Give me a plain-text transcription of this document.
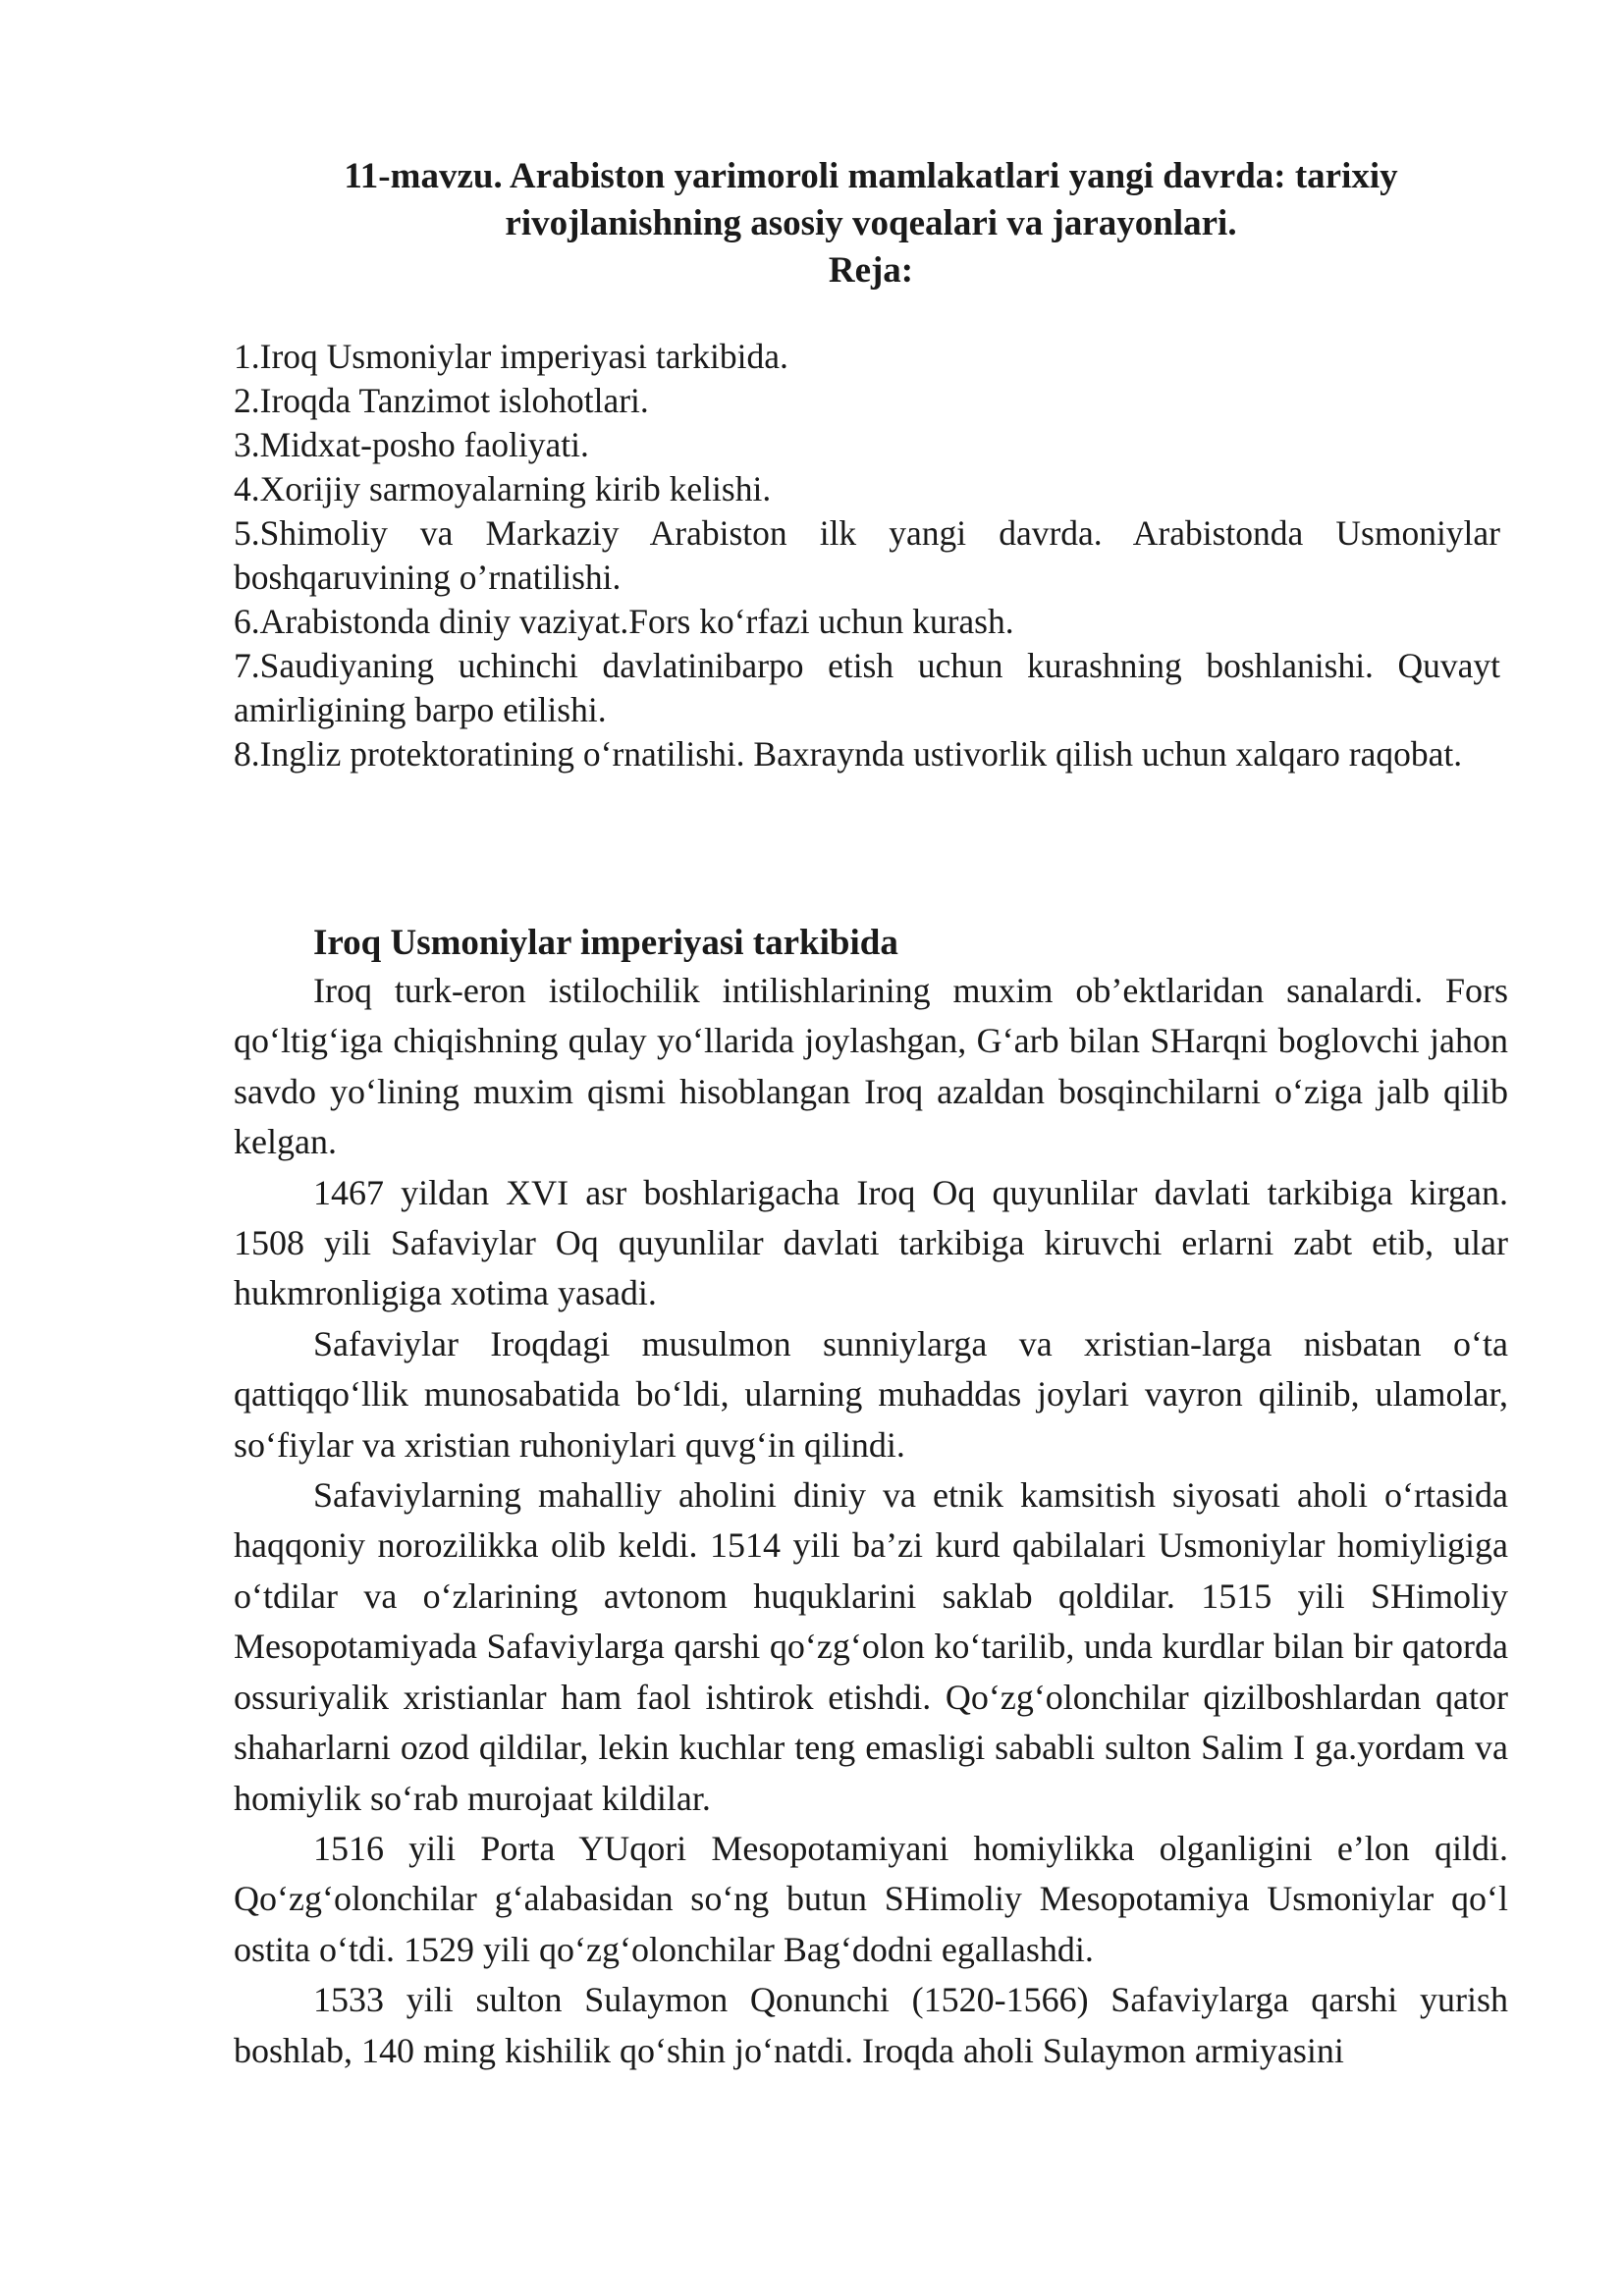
11-mavzu. Arabiston yarimoroli mamlakatlari yangi davrda: tarixiy
rivojlanishning asosiy voqealari va jarayonlari.
Reja:
1.Iroq Usmoniylar imperiyasi tarkibida.
2.Iroqda Tanzimot islohotlari.
3.Midxat-posho faoliyati.
4.Xorijiy sarmoyalarning kirib kelishi.
5.Shimoliy va Markaziy Arabiston ilk yangi davrda. Arabistonda Usmoniylar boshqaruvining o’rnatilishi.
6.Arabistonda diniy vaziyat.Fors ko‘rfazi uchun kurash.
7.Saudiyaning uchinchi davlatinibarpo etish uchun kurashning boshlanishi. Quvayt amirligining barpo etilishi.
8.Ingliz protektoratining o‘rnatilishi. Baxraynda ustivorlik qilish uchun xalqaro raqobat.
Iroq Usmoniylar imperiyasi tarkibida

Iroq turk-eron istilochilik intilishlarining muxim ob’ektlaridan sanalardi. Fors qo‘ltig‘iga chiqishning qulay yo‘llarida joylashgan, G‘arb bilan SHarqni boglovchi jahon savdo yo‘lining muxim qismi hisoblangan Iroq azaldan bosqinchilarni o‘ziga jalb qilib kelgan.

1467 yildan XVI asr boshlarigacha Iroq Oq quyunlilar davlati tarkibiga kirgan. 1508 yili Safaviylar Oq quyunlilar davlati tarkibiga kiruvchi erlarni zabt etib, ular hukmronligiga xotima yasadi.

Safaviylar Iroqdagi musulmon sunniylarga va xristian-larga nisbatan o‘ta qattiqqo‘llik munosabatida bo‘ldi, ularning muhaddas joylari vayron qilinib, ulamolar, so‘fiylar va xristian ruhoniylari quvg‘in qilindi.

Safaviylarning mahalliy aholini diniy va etnik kamsitish siyosati aholi o‘rtasida haqqoniy norozilikka olib keldi. 1514 yili ba’zi kurd qabilalari Usmoniylar homiyligiga o‘tdilar va o‘zlarining avtonom huquklarini saklab qoldilar. 1515 yili SHimoliy Mesopotamiyada Safaviylarga qarshi qo‘zg‘olon ko‘tarilib, unda kurdlar bilan bir qatorda ossuriyalik xristianlar ham faol ishtirok etishdi. Qo‘zg‘olonchilar qizilboshlardan qator shaharlarni ozod qildilar, lekin kuchlar teng emasligi sababli sulton Salim I ga.yordam va homiylik so‘rab murojaat kildilar.

1516 yili Porta YUqori Mesopotamiyani homiylikka olganligini e’lon qildi. Qo‘zg‘olonchilar g‘alabasidan so‘ng butun SHimoliy Mesopotamiya Usmoniylar qo‘l ostita o‘tdi. 1529 yili qo‘zg‘olonchilar Bag‘dodni egallashdi.

1533 yili sulton Sulaymon Qonunchi (1520-1566) Safaviylarga qarshi yurish boshlab, 140 ming kishilik qo‘shin jo‘natdi. Iroqda aholi Sulaymon armiyasini
